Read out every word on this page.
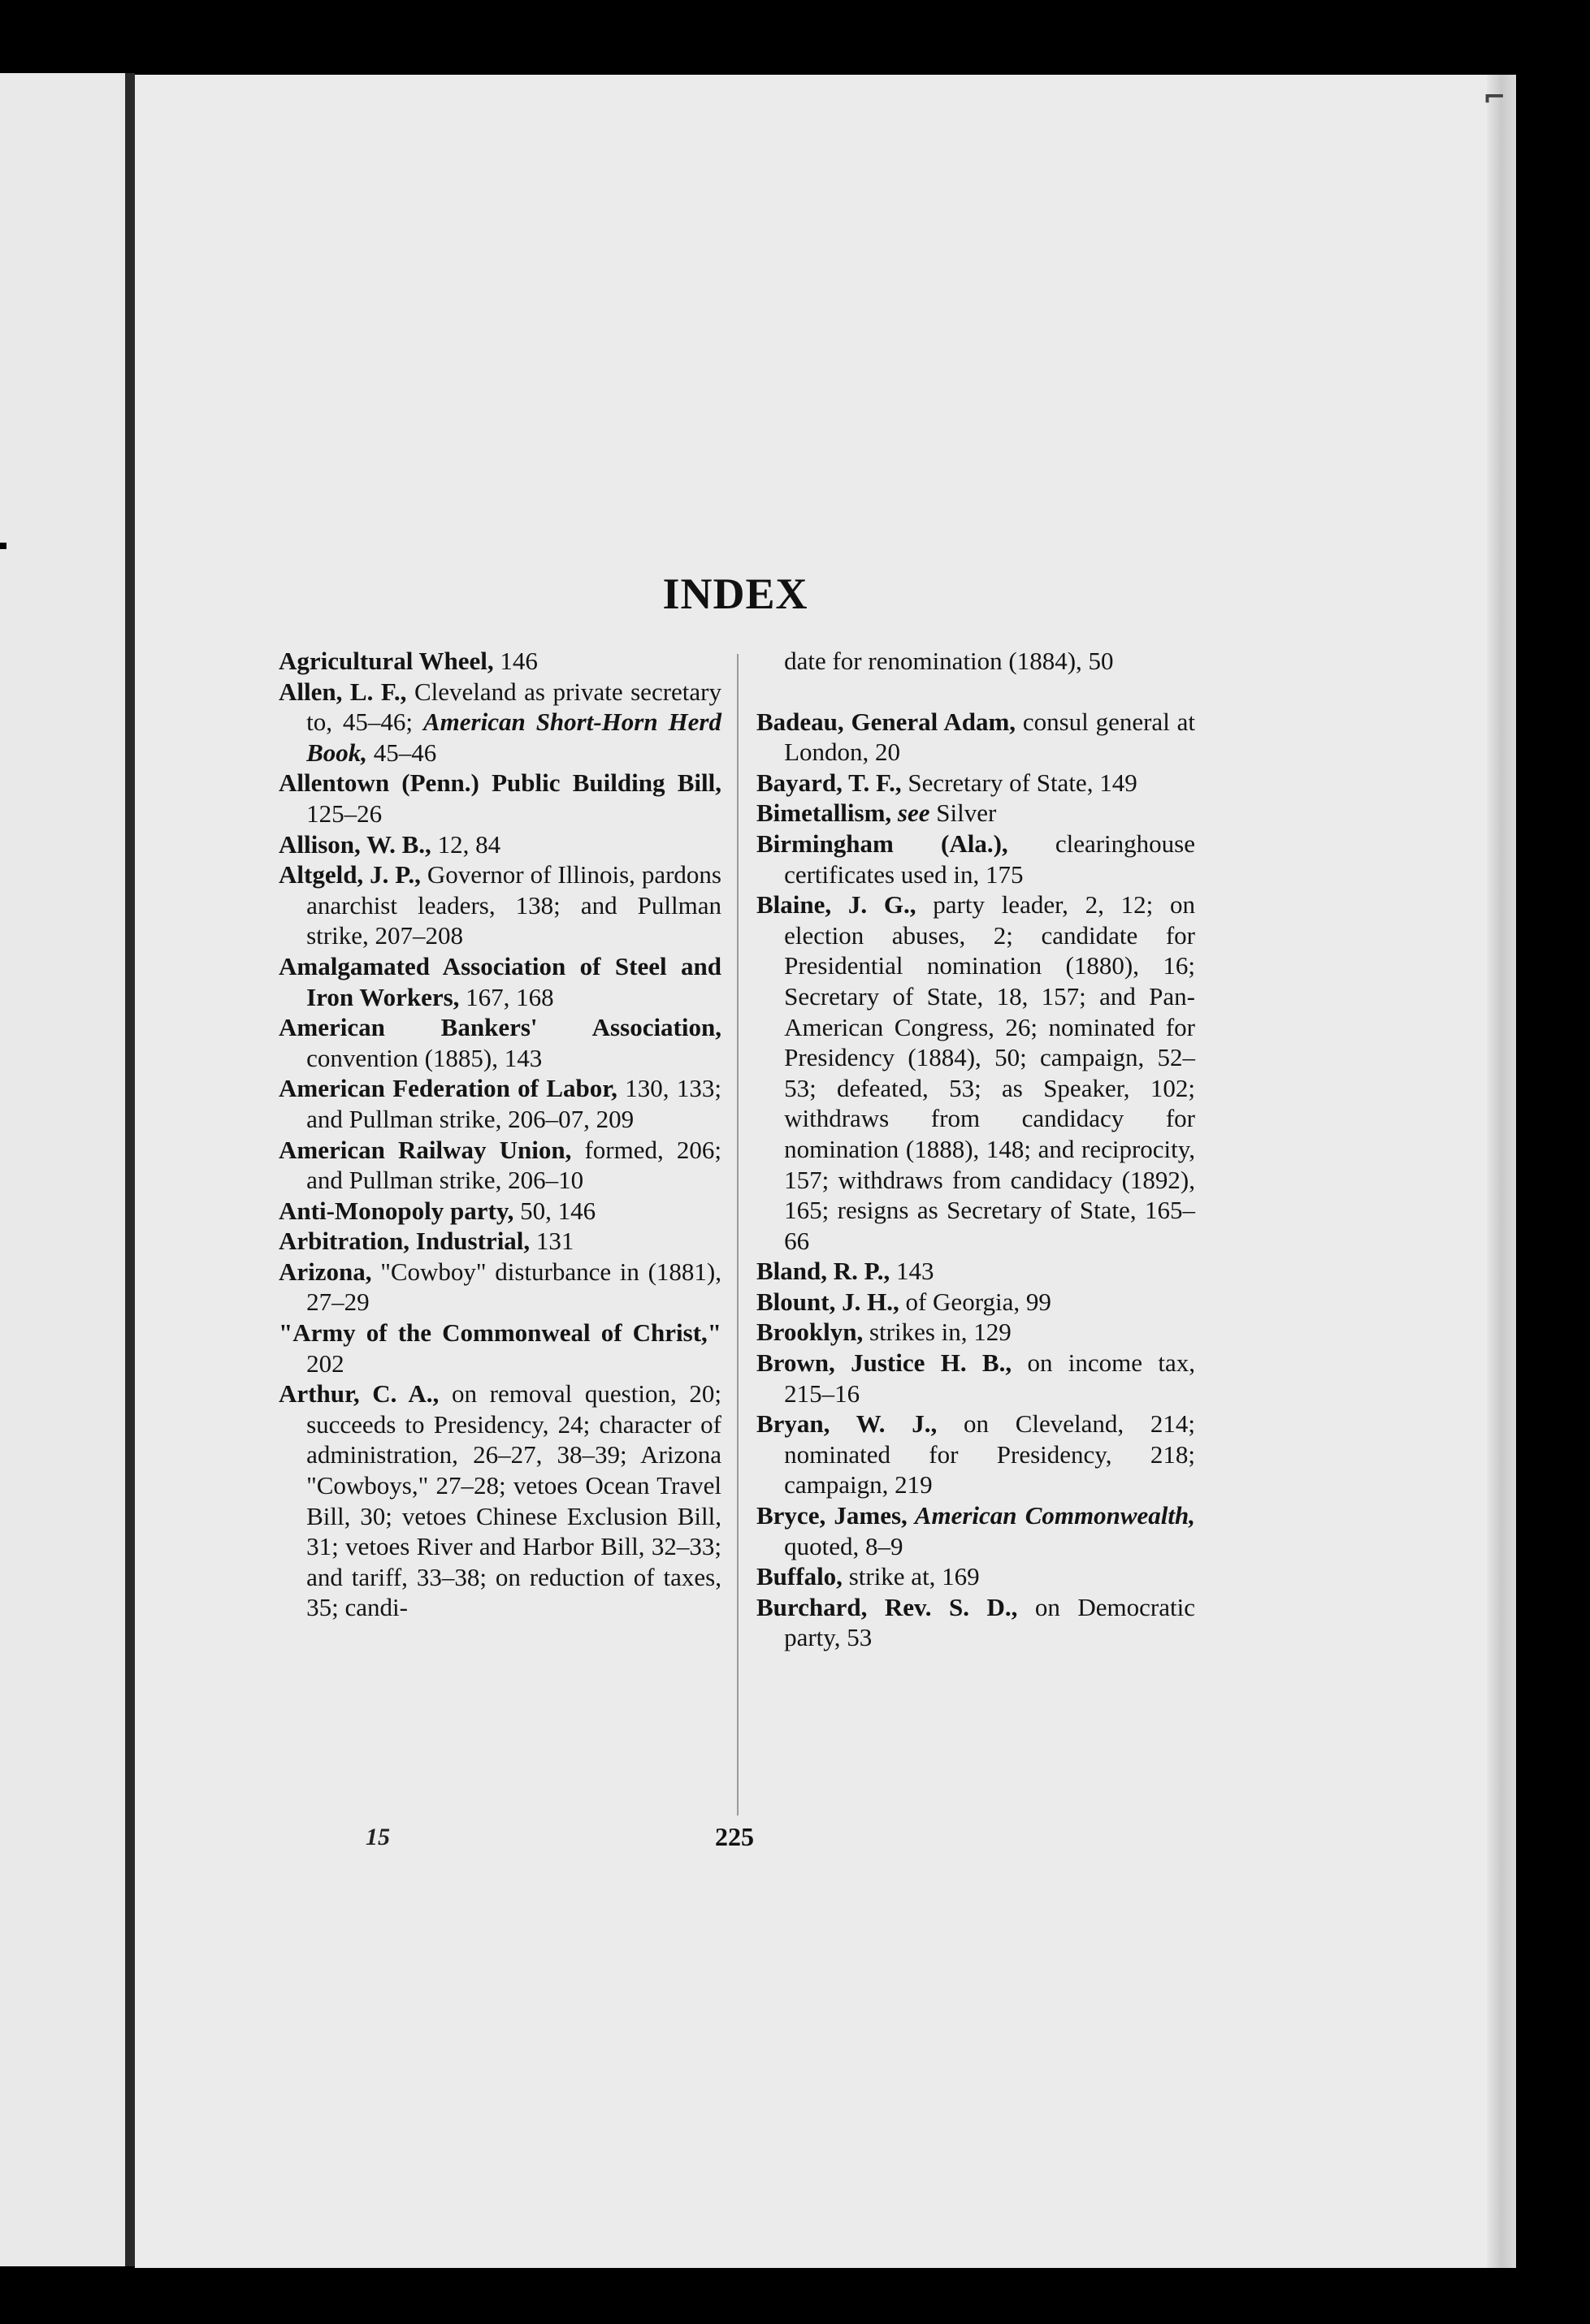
⌐
INDEX

Agricultural Wheel, 146

Allen, L. F., Cleveland as private secretary to, 45–46; American Short-Horn Herd Book, 45–46

Allentown (Penn.) Public Building Bill, 125–26

Allison, W. B., 12, 84

Altgeld, J. P., Governor of Illinois, pardons anarchist leaders, 138; and Pullman strike, 207–208

Amalgamated Association of Steel and Iron Workers, 167, 168

American Bankers' Association, convention (1885), 143

American Federation of Labor, 130, 133; and Pullman strike, 206–07, 209

American Railway Union, formed, 206; and Pullman strike, 206–10

Anti-Monopoly party, 50, 146

Arbitration, Industrial, 131

Arizona, "Cowboy" disturbance in (1881), 27–29

"Army of the Commonweal of Christ," 202

Arthur, C. A., on removal question, 20; succeeds to Presidency, 24; character of administration, 26–27, 38–39; Arizona "Cowboys," 27–28; vetoes Ocean Travel Bill, 30; vetoes Chinese Exclusion Bill, 31; vetoes River and Harbor Bill, 32–33; and tariff, 33–38; on reduction of taxes, 35; candi-

date for renomination (1884), 50

Badeau, General Adam, consul general at London, 20

Bayard, T. F., Secretary of State, 149

Bimetallism, see Silver

Birmingham (Ala.), clearinghouse certificates used in, 175

Blaine, J. G., party leader, 2, 12; on election abuses, 2; candidate for Presidential nomination (1880), 16; Secretary of State, 18, 157; and Pan-American Congress, 26; nominated for Presidency (1884), 50; campaign, 52–53; defeated, 53; as Speaker, 102; withdraws from candidacy for nomination (1888), 148; and reciprocity, 157; withdraws from candidacy (1892), 165; resigns as Secretary of State, 165–66

Bland, R. P., 143

Blount, J. H., of Georgia, 99

Brooklyn, strikes in, 129

Brown, Justice H. B., on income tax, 215–16

Bryan, W. J., on Cleveland, 214; nominated for Presidency, 218; campaign, 219

Bryce, James, American Commonwealth, quoted, 8–9

Buffalo, strike at, 169

Burchard, Rev. S. D., on Democratic party, 53

15	225
